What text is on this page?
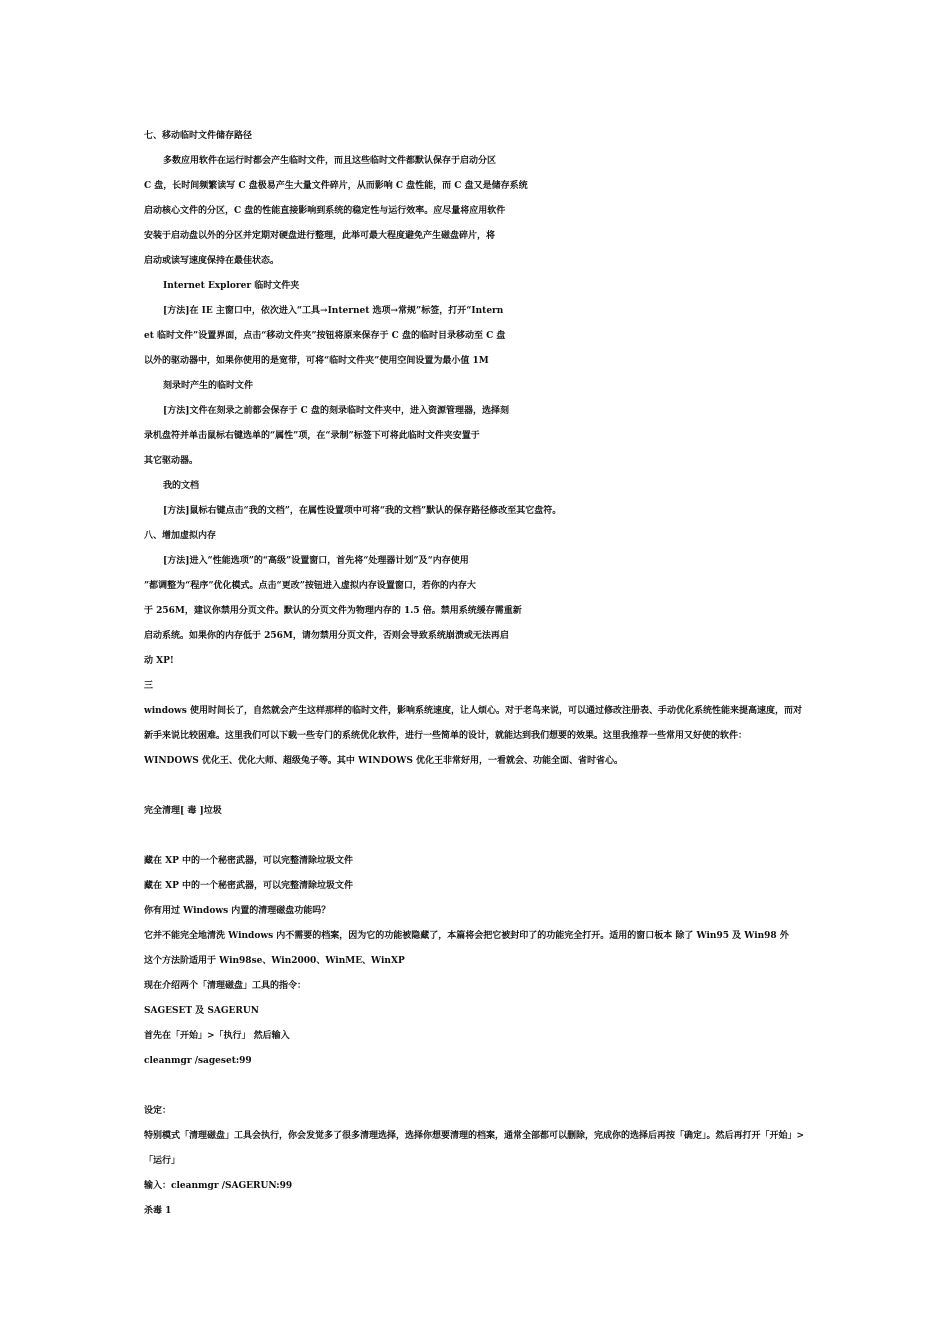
七、移动临时文件储存路径
多数应用软件在运行时都会产生临时文件，而且这些临时文件都默认保存于启动分区
C 盘，长时间频繁读写 C 盘极易产生大量文件碎片，从而影响 C 盘性能，而 C 盘又是储存系统
启动核心文件的分区，C 盘的性能直接影响到系统的稳定性与运行效率。应尽量将应用软件
安装于启动盘以外的分区并定期对硬盘进行整理，此举可最大程度避免产生磁盘碎片，将
启动或读写速度保持在最佳状态。
Internet Explorer 临时文件夹
[方法]在 IE 主窗口中，依次进入“工具→Internet 选项→常规”标签，打开“Intern
et 临时文件”设置界面，点击“移动文件夹”按钮将原来保存于 C 盘的临时目录移动至 C 盘
以外的驱动器中，如果你使用的是宽带，可将“临时文件夹”使用空间设置为最小值 1M
刻录时产生的临时文件
[方法]文件在刻录之前都会保存于 C 盘的刻录临时文件夹中，进入资源管理器，选择刻
录机盘符并单击鼠标右键选单的“属性”项，在“录制”标签下可将此临时文件夹安置于
其它驱动器。
我的文档
[方法]鼠标右键点击“我的文档”，在属性设置项中可将“我的文档”默认的保存路径修改至其它盘符。
八、增加虚拟内存
[方法]进入“性能选项”的“高级”设置窗口，首先将“处理器计划”及“内存使用
”都调整为“程序”优化模式。点击“更改”按钮进入虚拟内存设置窗口，若你的内存大
于 256M，建议你禁用分页文件。默认的分页文件为物理内存的 1.5 倍。禁用系统缓存需重新
启动系统。如果你的内存低于 256M，请勿禁用分页文件，否则会导致系统崩溃或无法再启
动 XP!
三
windows 使用时间长了，自然就会产生这样那样的临时文件，影响系统速度，让人烦心。对于老鸟来说，可以通过修改注册表、手动优化系统性能来提高速度，而对
新手来说比较困难。这里我们可以下载一些专门的系统优化软件，进行一些简单的设计，就能达到我们想要的效果。这里我推荐一些常用又好使的软件：
WINDOWS 优化王、优化大师、超级兔子等。其中 WINDOWS 优化王非常好用，一看就会、功能全面、省时省心。
完全清理[ 毒 ]垃圾
藏在 XP 中的一个秘密武器，可以完整清除垃圾文件
藏在 XP 中的一个秘密武器，可以完整清除垃圾文件
你有用过 Windows 内置的清理磁盘功能吗？
它并不能完全地清洗 Windows 内不需要的档案，因为它的功能被隐藏了，本篇将会把它被封印了的功能完全打开。适用的窗口板本 除了 Win95 及 Win98 外
这个方法阶适用于 Win98se、Win2000、WinME、WinXP
现在介绍两个「清理磁盘」工具的指令：
SAGESET 及 SAGERUN
首先在「开始」>「执行」 然后输入
cleanmgr /sageset:99
设定：
特别模式「清理磁盘」工具会执行，你会发觉多了很多清理选择，选择你想要清理的档案，通常全部都可以删除，完成你的选择后再按「确定」。然后再打开「开始」>
「运行」
输入：cleanmgr /SAGERUN:99
杀毒 1
